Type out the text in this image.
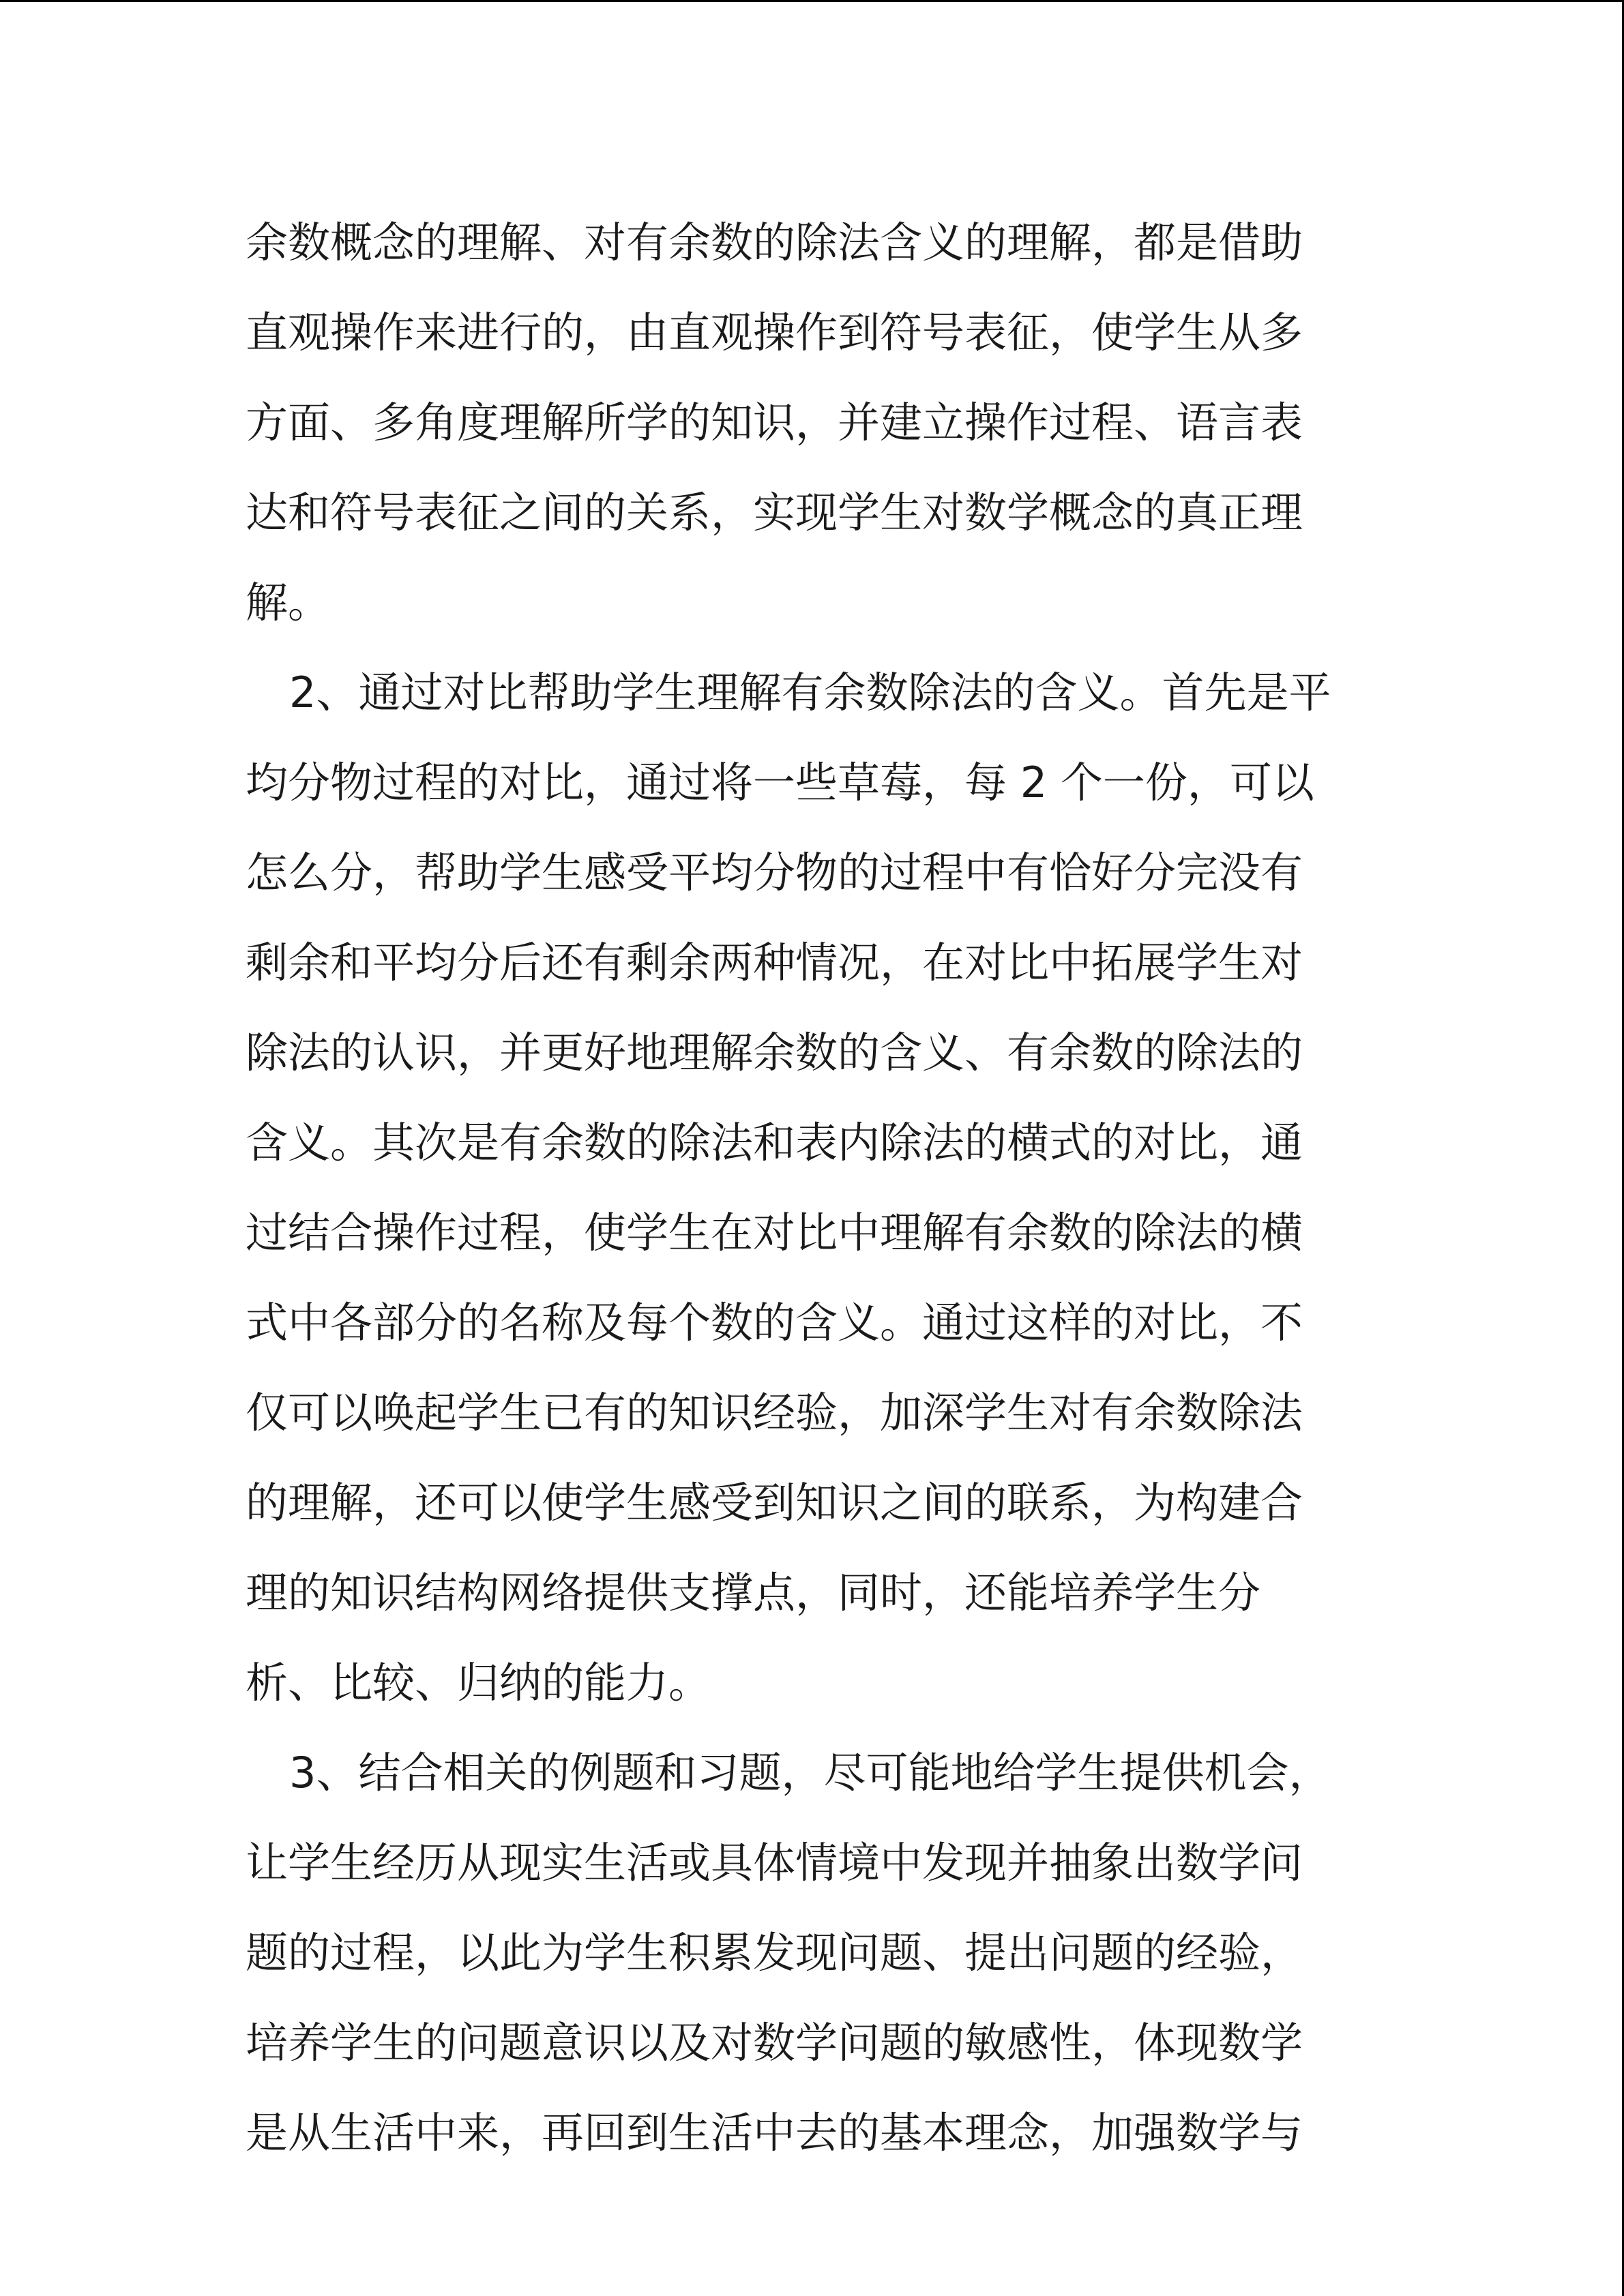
余数概念的理解、对有余数的除法含义的理解，都是借助
直观操作来进行的，由直观操作到符号表征，使学生从多
方面、多角度理解所学的知识，并建立操作过程、语言表
达和符号表征之间的关系，实现学生对数学概念的真正理
解。
2、通过对比帮助学生理解有余数除法的含义。首先是平
均分物过程的对比，通过将一些草莓，每 2 个一份，可以
怎么分，帮助学生感受平均分物的过程中有恰好分完没有
剩余和平均分后还有剩余两种情况，在对比中拓展学生对
除法的认识，并更好地理解余数的含义、有余数的除法的
含义。其次是有余数的除法和表内除法的横式的对比，通
过结合操作过程，使学生在对比中理解有余数的除法的横
式中各部分的名称及每个数的含义。通过这样的对比，不
仅可以唤起学生已有的知识经验，加深学生对有余数除法
的理解，还可以使学生感受到知识之间的联系，为构建合
理的知识结构网络提供支撑点，同时，还能培养学生分
析、比较、归纳的能力。
3、结合相关的例题和习题，尽可能地给学生提供机会，
让学生经历从现实生活或具体情境中发现并抽象出数学问
题的过程，以此为学生积累发现问题、提出问题的经验，
培养学生的问题意识以及对数学问题的敏感性，体现数学
是从生活中来，再回到生活中去的基本理念，加强数学与
